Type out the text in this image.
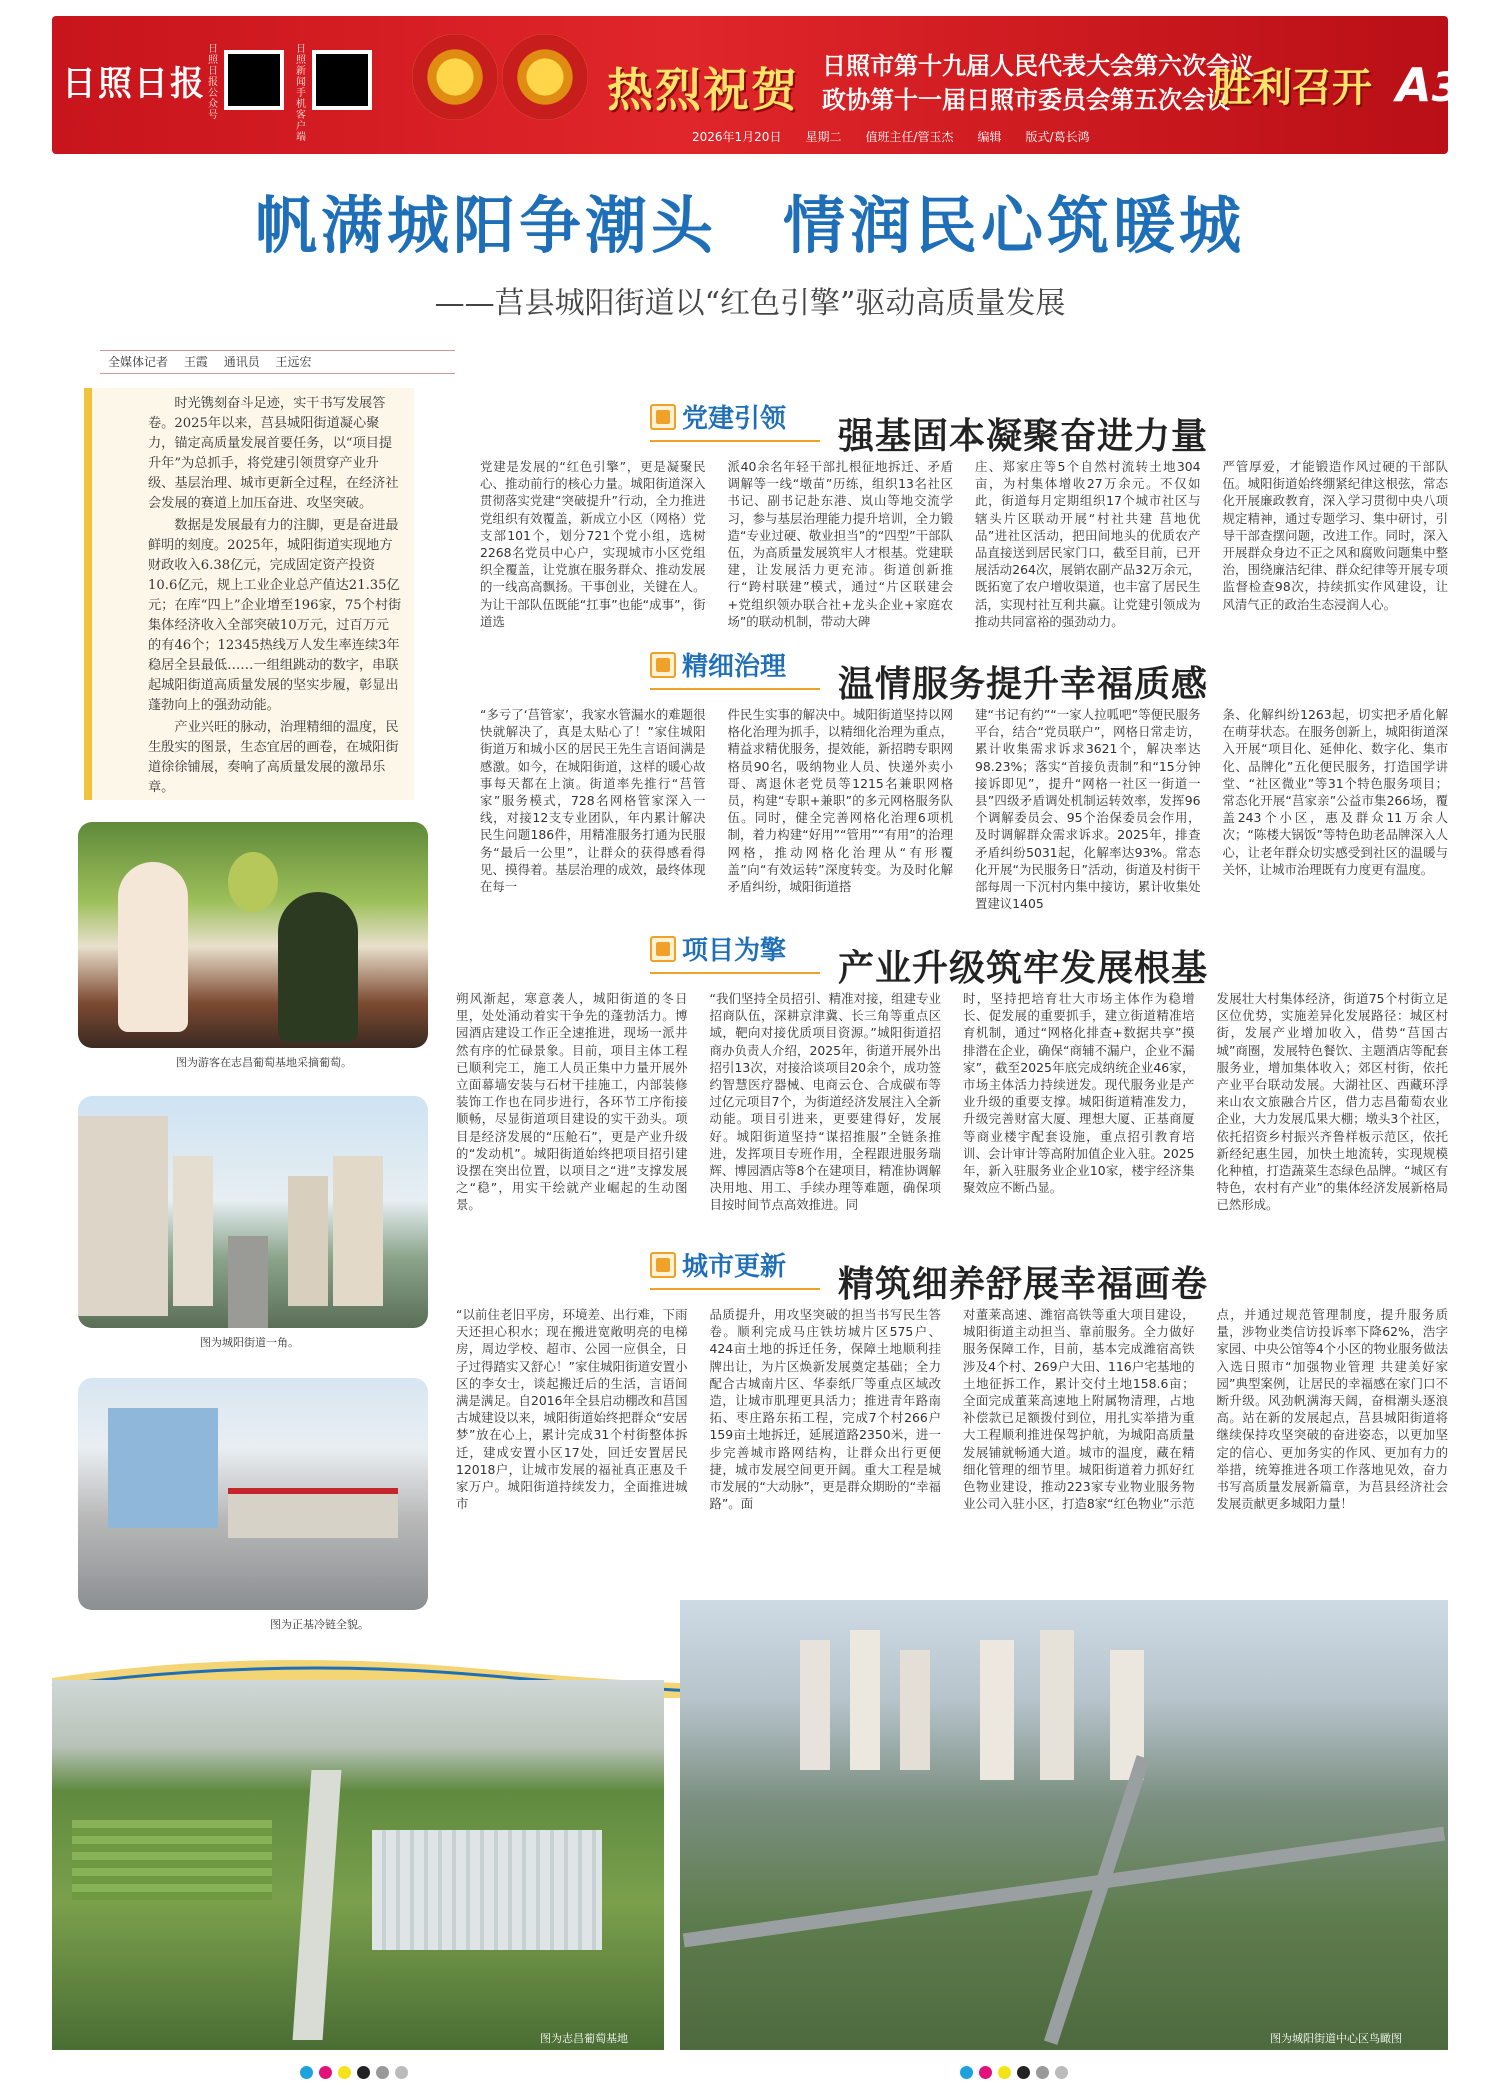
日照日报
日照日报公众号
日照新闻手机客户端
热烈祝贺 日照市第十九届人民代表大会第六次会议
政协第十一届日照市委员会第五次会议
胜利召开 A31
2026年1月20日 星期二 值班主任/管玉杰 编辑 版式/葛长鸿
帆满城阳争潮头　情润民心筑暖城
——莒县城阳街道以“红色引擎”驱动高质量发展
全媒体记者 王霞 通讯员 王远宏

时光镌刻奋斗足迹，实干书写发展答卷。2025年以来，莒县城阳街道凝心聚力，锚定高质量发展首要任务，以“项目提升年”为总抓手，将党建引领贯穿产业升级、基层治理、城市更新全过程，在经济社会发展的赛道上加压奋进、攻坚突破。

数据是发展最有力的注脚，更是奋进最鲜明的刻度。2025年，城阳街道实现地方财政收入6.38亿元，完成固定资产投资10.6亿元，规上工业企业总产值达21.35亿元；在库“四上”企业增至196家，75个村街集体经济收入全部突破10万元，过百万元的有46个；12345热线万人发生率连续3年稳居全县最低……一组组跳动的数字，串联起城阳街道高质量发展的坚实步履，彰显出蓬勃向上的强劲动能。

产业兴旺的脉动，治理精细的温度，民生殷实的图景，生态宜居的画卷，在城阳街道徐徐铺展，奏响了高质量发展的激昂乐章。

图为游客在志昌葡萄基地采摘葡萄。
图为城阳街道一角。
图为正基冷链全貌。
党建引领 强基固本凝聚奋进力量
党建是发展的“红色引擎”，更是凝聚民心、推动前行的核心力量。城阳街道深入贯彻落实党建“突破提升”行动，全力推进党组织有效覆盖，新成立小区（网格）党支部101个，划分721个党小组，选树2268名党员中心户，实现城市小区党组织全覆盖，让党旗在服务群众、推动发展的一线高高飘扬。干事创业，关键在人。为让干部队伍既能“扛事”也能“成事”，街道选
派40余名年轻干部扎根征地拆迁、矛盾调解等一线“墩苗”历练，组织13名社区书记、副书记赴东港、岚山等地交流学习，参与基层治理能力提升培训，全力锻造“专业过硬、敬业担当”的“四型”干部队伍，为高质量发展筑牢人才根基。党建联建，让发展活力更充沛。街道创新推行“跨村联建”模式，通过“片区联建会+党组织领办联合社+龙头企业+家庭农场”的联动机制，带动大碑
庄、郑家庄等5个自然村流转土地304亩，为村集体增收27万余元。不仅如此，街道每月定期组织17个城市社区与辖头片区联动开展“村社共建 莒地优品”进社区活动，把田间地头的优质农产品直接送到居民家门口，截至目前，已开展活动264次，展销农副产品32万余元，既拓宽了农户增收渠道，也丰富了居民生活，实现村社互利共赢。让党建引领成为推动共同富裕的强劲动力。
严管厚爱，才能锻造作风过硬的干部队伍。城阳街道始终绷紧纪律这根弦，常态化开展廉政教育，深入学习贯彻中央八项规定精神，通过专题学习、集中研讨，引导干部查摆问题，改进工作。同时，深入开展群众身边不正之风和腐败问题集中整治，围绕廉洁纪律、群众纪律等开展专项监督检查98次，持续抓实作风建设，让风清气正的政治生态浸润人心。
精细治理 温情服务提升幸福质感
“多亏了‘莒管家’，我家水管漏水的难题很快就解决了，真是太贴心了！”家住城阳街道万和城小区的居民王先生言语间满是感激。如今，在城阳街道，这样的暖心故事每天都在上演。街道率先推行“莒管家”服务模式，728名网格管家深入一线，对接12支专业团队，年内累计解决民生问题186件，用精准服务打通为民服务“最后一公里”，让群众的获得感看得见、摸得着。基层治理的成效，最终体现在每一
件民生实事的解决中。城阳街道坚持以网格化治理为抓手，以精细化治理为重点，精益求精优服务，提效能，新招聘专职网格员90名，吸纳物业人员、快递外卖小哥、离退休老党员等1215名兼职网格员，构建“专职+兼职”的多元网格服务队伍。同时，健全完善网格化治理6项机制，着力构建“好用”“管用”“有用”的治理网格，推动网格化治理从“有形覆盖”向“有效运转”深度转变。为及时化解矛盾纠纷，城阳街道搭
建“书记有约”“一家人拉呱吧”等便民服务平台，结合“党员联户”，网格日常走访，累计收集需求诉求3621个，解决率达98.23%；落实“首接负责制”和“15分钟接诉即见”，提升“网格一社区一街道一县”四级矛盾调处机制运转效率，发挥96个调解委员会、95个治保委员会作用，及时调解群众需求诉求。2025年，排查矛盾纠纷5031起，化解率达93%。常态化开展“为民服务日”活动，街道及村街干部每周一下沉村内集中接访，累计收集处置建议1405
条、化解纠纷1263起，切实把矛盾化解在萌芽状态。在服务创新上，城阳街道深入开展“项目化、延伸化、数字化、集市化、品牌化”五化便民服务，打造国学讲堂、“社区微业”等31个特色服务项目；常态化开展“莒家亲”公益市集266场，覆盖243个小区，惠及群众11万余人次；“陈楼大锅饭”等特色助老品牌深入人心，让老年群众切实感受到社区的温暖与关怀，让城市治理既有力度更有温度。
项目为擎 产业升级筑牢发展根基
朔风渐起，寒意袭人，城阳街道的冬日里，处处涌动着实干争先的蓬勃活力。博园酒店建设工作正全速推进，现场一派井然有序的忙碌景象。目前，项目主体工程已顺利完工，施工人员正集中力量开展外立面幕墙安装与石材干挂施工，内部装修装饰工作也在同步进行，各环节工序衔接顺畅，尽显街道项目建设的实干劲头。项目是经济发展的“压舱石”，更是产业升级的“发动机”。城阳街道始终把项目招引建设摆在突出位置，以项目之“进”支撑发展之“稳”，用实干绘就产业崛起的生动图景。
“我们坚持全员招引、精准对接，组建专业招商队伍，深耕京津冀、长三角等重点区域，靶向对接优质项目资源。”城阳街道招商办负责人介绍，2025年，街道开展外出招引13次，对接洽谈项目20余个，成功签约智慧医疗器械、电商云仓、合成碳布等过亿元项目7个，为街道经济发展注入全新动能。项目引进来，更要建得好，发展好。城阳街道坚持“谋招推服”全链条推进，发挥项目专班作用，全程跟进服务瑞辉、博园酒店等8个在建项目，精准协调解决用地、用工、手续办理等难题，确保项目按时间节点高效推进。同
时，坚持把培育壮大市场主体作为稳增长、促发展的重要抓手，建立街道精准培育机制，通过“网格化排查+数据共享”摸排潜在企业，确保“商辅不漏户，企业不漏家”，截至2025年底完成纳统企业46家，市场主体活力持续迸发。现代服务业是产业升级的重要支撑。城阳街道精准发力，升级完善财富大厦、理想大厦、正基商厦等商业楼宇配套设施，重点招引教育培训、会计审计等高附加值企业入驻。2025年，新入驻服务业企业10家，楼宇经济集聚效应不断凸显。
发展壮大村集体经济，街道75个村街立足区位优势，实施差异化发展路径：城区村街，发展产业增加收入，借势“莒国古城”商圈，发展特色餐饮、主题酒店等配套服务业，增加集体收入；郊区村街，依托产业平台联动发展。大湖社区、西藏环浮来山农文旅融合片区，借力志昌葡萄农业企业，大力发展瓜果大棚；墩头3个社区，依托招资乡村振兴齐鲁样板示范区，依托新经纪惠生园，加快土地流转，实现规模化种植，打造蔬菜生态绿色品牌。“城区有特色，农村有产业”的集体经济发展新格局已然形成。
城市更新 精筑细养舒展幸福画卷
“以前住老旧平房，环境差、出行难，下雨天还担心积水；现在搬进宽敞明亮的电梯房，周边学校、超市、公园一应俱全，日子过得踏实又舒心！”家住城阳街道安置小区的李女士，谈起搬迁后的生活，言语间满是满足。自2016年全县启动棚改和莒国古城建设以来，城阳街道始终把群众“安居梦”放在心上，累计完成31个村街整体拆迁，建成安置小区17处，回迁安置居民12018户，让城市发展的福祉真正惠及千家万户。城阳街道持续发力，全面推进城市
品质提升，用攻坚突破的担当书写民生答卷。顺利完成马庄铁坊城片区575户、424亩土地的拆迁任务，保障土地顺利挂牌出让，为片区焕新发展奠定基础；全力配合古城南片区、华泰纸厂等重点区域改造，让城市肌理更具活力；推进青年路南拓、枣庄路东拓工程，完成7个村266户159亩土地拆迁，延展道路2350米，进一步完善城市路网结构，让群众出行更便捷，城市发展空间更开阔。重大工程是城市发展的“大动脉”，更是群众期盼的“幸福路”。面
对董莱高速、潍宿高铁等重大项目建设，城阳街道主动担当、靠前服务。全力做好服务保障工作，目前，基本完成潍宿高铁涉及4个村、269户大田、116户宅基地的土地征拆工作，累计交付土地158.6亩；全面完成董莱高速地上附属物清理，占地补偿款已足额拨付到位，用扎实举措为重大工程顺利推进保驾护航，为城阳高质量发展铺就畅通大道。城市的温度，藏在精细化管理的细节里。城阳街道着力抓好红色物业建设，推动223家专业物业服务物业公司入驻小区，打造8家“红色物业”示范
点，并通过规范管理制度，提升服务质量，涉物业类信访投诉率下降62%，浩字家园、中央公馆等4个小区的物业服务做法入选日照市“加强物业管理 共建美好家园”典型案例，让居民的幸福感在家门口不断升级。风劲帆满海天阔，奋楫潮头逐浪高。站在新的发展起点，莒县城阳街道将继续保持攻坚突破的奋进姿态，以更加坚定的信心、更加务实的作风、更加有力的举措，统筹推进各项工作落地见效，奋力书写高质量发展新篇章，为莒县经济社会发展贡献更多城阳力量！
图为志昌葡萄基地	图为城阳街道中心区鸟瞰图
